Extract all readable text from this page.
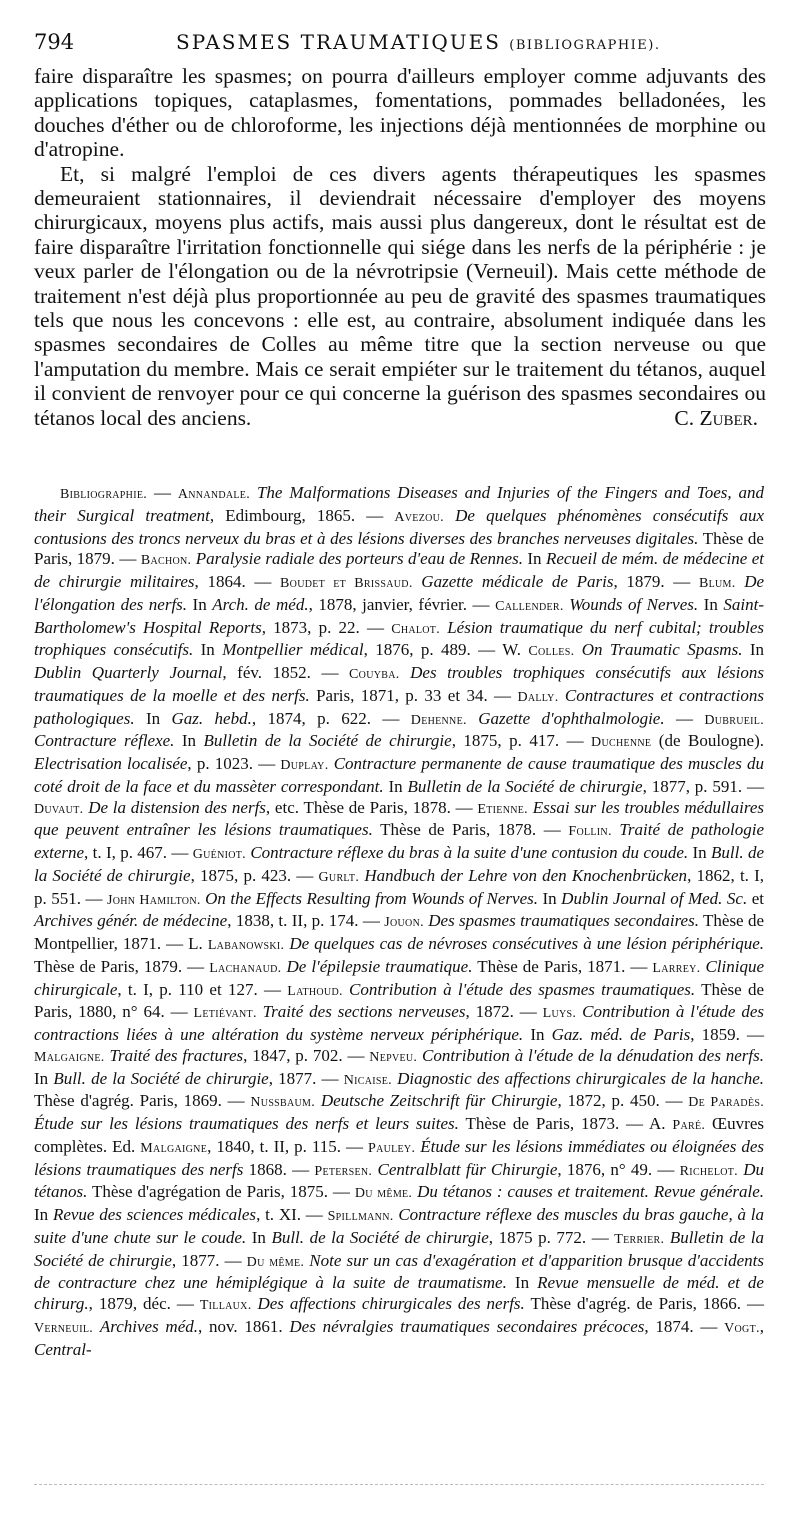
794	SPASMES TRAUMATIQUES (BIBLIOGRAPHIE).

faire disparaître les spasmes; on pourra d'ailleurs employer comme adjuvants des applications topiques, cataplasmes, fomentations, pommades belladonées, les douches d'éther ou de chloroforme, les injections déjà mentionnées de morphine ou d'atropine.

Et, si malgré l'emploi de ces divers agents thérapeutiques les spasmes demeuraient stationnaires, il deviendrait nécessaire d'employer des moyens chirurgicaux, moyens plus actifs, mais aussi plus dangereux, dont le résultat est de faire disparaître l'irritation fonctionnelle qui siége dans les nerfs de la périphérie : je veux parler de l'élongation ou de la névrotripsie (Verneuil). Mais cette méthode de traitement n'est déjà plus proportionnée au peu de gravité des spasmes traumatiques tels que nous les concevons : elle est, au contraire, absolument indiquée dans les spasmes secondaires de Colles au même titre que la section nerveuse ou que l'amputation du membre. Mais ce serait empiéter sur le traitement du tétanos, auquel il convient de renvoyer pour ce qui concerne la guérison des spasmes secondaires ou tétanos local des anciens.	C. Zuber.

Bibliographie. — Annandale. The Malformations Diseases and Injuries of the Fingers and Toes, and their Surgical treatment, Edimbourg, 1865. — Avezou. De quelques phénomènes consécutifs aux contusions des troncs nerveux du bras et à des lésions diverses des branches nerveuses digitales. Thèse de Paris, 1879. — Bachon. Paralysie radiale des porteurs d'eau de Rennes. In Recueil de mém. de médecine et de chirurgie militaires, 1864. — Boudet et Brissaud. Gazette médicale de Paris, 1879. — Blum. De l'élongation des nerfs. In Arch. de méd., 1878, janvier, février. — Callender. Wounds of Nerves. In Saint-Bartholomew's Hospital Reports, 1873, p. 22. — Chalot. Lésion traumatique du nerf cubital; troubles trophiques consécutifs. In Montpellier médical, 1876, p. 489. — W. Colles. On Traumatic Spasms. In Dublin Quarterly Journal, fév. 1852. — Couyba. Des troubles trophiques consécutifs aux lésions traumatiques de la moelle et des nerfs. Paris, 1871, p. 33 et 34. — Dally. Contractures et contractions pathologiques. In Gaz. hebd., 1874, p. 622. — Dehenne. Gazette d'ophthalmologie. — Dubrueil. Contracture réflexe. In Bulletin de la Société de chirurgie, 1875, p. 417. — Duchenne (de Boulogne). Electrisation localisée, p. 1023. — Duplay. Contracture permanente de cause traumatique des muscles du coté droit de la face et du massèter correspondant. In Bulletin de la Société de chirurgie, 1877, p. 591. — Duvaut. De la distension des nerfs, etc. Thèse de Paris, 1878. — Etienne. Essai sur les troubles médullaires que peuvent entraîner les lésions traumatiques. Thèse de Paris, 1878. — Follin. Traité de pathologie externe, t. I, p. 467. — Guéniot. Contracture réflexe du bras à la suite d'une contusion du coude. In Bull. de la Société de chirurgie, 1875, p. 423. — Gurlt. Handbuch der Lehre von den Knochenbrücken, 1862, t. I, p. 551. — John Hamilton. On the Effects Resulting from Wounds of Nerves. In Dublin Journal of Med. Sc. et Archives génér. de médecine, 1838, t. II, p. 174. — Jouon. Des spasmes traumatiques secondaires. Thèse de Montpellier, 1871. — L. Labanowski. De quelques cas de névroses consécutives à une lésion périphérique. Thèse de Paris, 1879. — Lachanaud. De l'épilepsie traumatique. Thèse de Paris, 1871. — Larrey. Clinique chirurgicale, t. I, p. 110 et 127. — Lathoud. Contribution à l'étude des spasmes traumatiques. Thèse de Paris, 1880, n° 64. — Letiévant. Traité des sections nerveuses, 1872. — Luys. Contribution à l'étude des contractions liées à une altération du système nerveux périphérique. In Gaz. méd. de Paris, 1859. — Malgaigne. Traité des fractures, 1847, p. 702. — Nepveu. Contribution à l'étude de la dénudation des nerfs. In Bull. de la Société de chirurgie, 1877. — Nicaise. Diagnostic des affections chirurgicales de la hanche. Thèse d'agrég. Paris, 1869. — Nussbaum. Deutsche Zeitschrift für Chirurgie, 1872, p. 450. — De Paradès. Étude sur les lésions traumatiques des nerfs et leurs suites. Thèse de Paris, 1873. — A. Paré. Œuvres complètes. Ed. Malgaigne, 1840, t. II, p. 115. — Pauley. Étude sur les lésions immédiates ou éloignées des lésions traumatiques des nerfs 1868. — Petersen. Centralblatt für Chirurgie, 1876, n° 49. — Richelot. Du tétanos. Thèse d'agrégation de Paris, 1875. — Du même. Du tétanos : causes et traitement. Revue générale. In Revue des sciences médicales, t. XI. — Spillmann. Contracture réflexe des muscles du bras gauche, à la suite d'une chute sur le coude. In Bull. de la Société de chirurgie, 1875 p. 772. — Terrier. Bulletin de la Société de chirurgie, 1877. — Du même. Note sur un cas d'exagération et d'apparition brusque d'accidents de contracture chez une hémiplégique à la suite de traumatisme. In Revue mensuelle de méd. et de chirurg., 1879, déc. — Tillaux. Des affections chirurgicales des nerfs. Thèse d'agrég. de Paris, 1866. — Verneuil. Archives méd., nov. 1861. Des névralgies traumatiques secondaires précoces, 1874. — Vogt., Central-
